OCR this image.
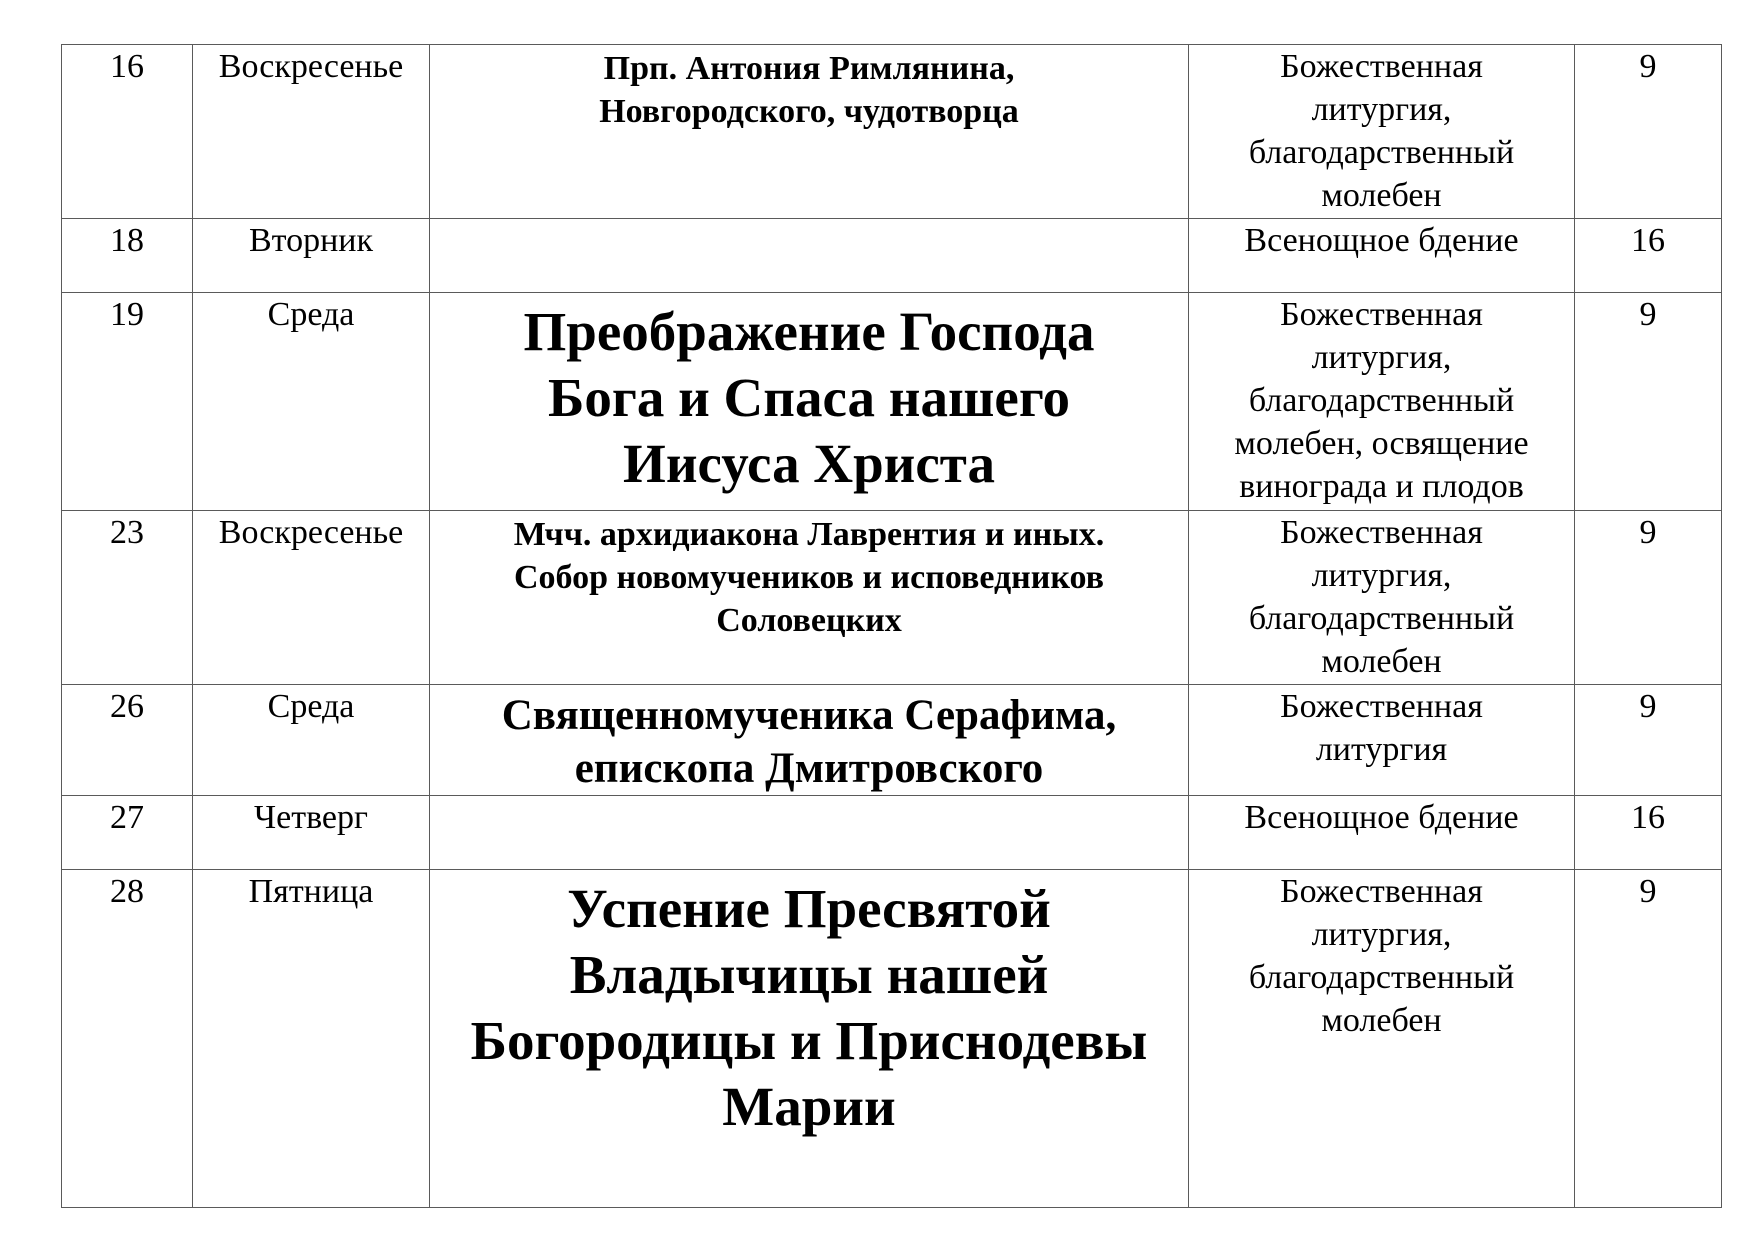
16	Воскресенье	Прп. Антония Римлянина,
Новгородского, чудотворца	Божественная
литургия,
благодарственный
молебен	9
18	Вторник		Всенощное бдение	16
19	Среда	Преображение Господа
Бога и Спаса нашего
Иисуса Христа	Божественная
литургия,
благодарственный
молебен, освящение
винограда и плодов	9
23	Воскресенье	Мчч. архидиакона Лаврентия и иных.
Собор новомучеников и исповедников
Соловецких	Божественная
литургия,
благодарственный
молебен	9
26	Среда	Священномученика Серафима,
епископа Дмитровского	Божественная
литургия	9
27	Четверг		Всенощное бдение	16
28	Пятница	Успение Пресвятой
Владычицы нашей
Богородицы и Приснодевы
Марии	Божественная
литургия,
благодарственный
молебен	9
